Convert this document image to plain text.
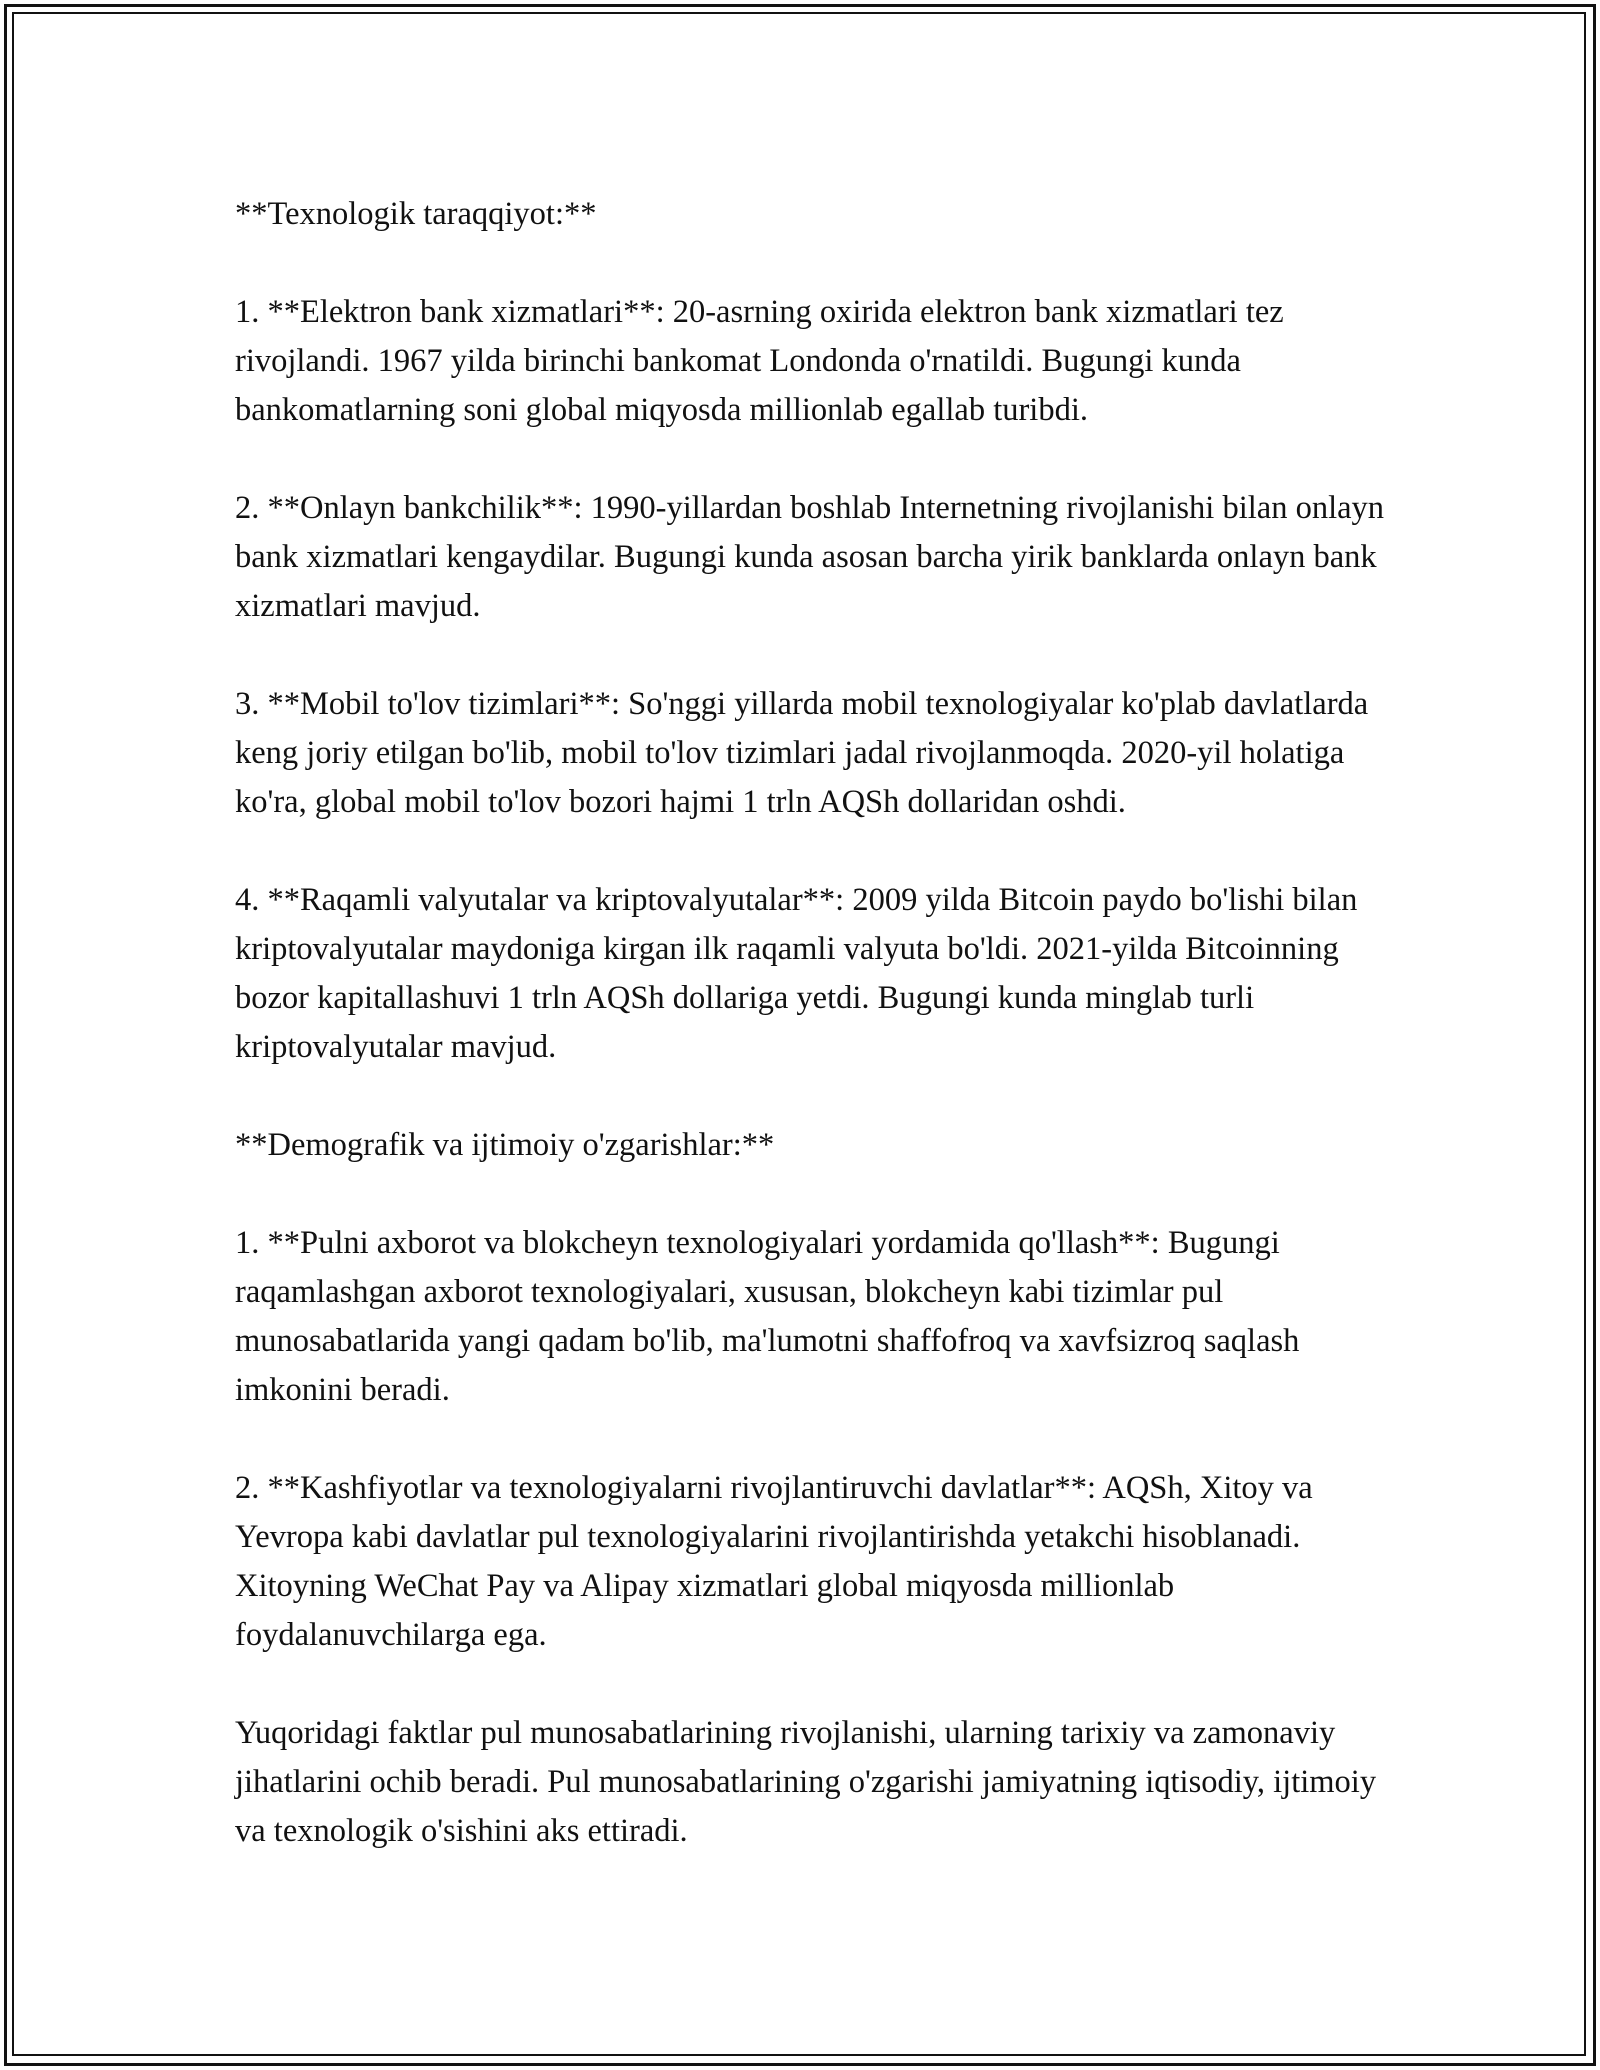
**Texnologik taraqqiyot:**

1. **Elektron bank xizmatlari**: 20-asrning oxirida elektron bank xizmatlari tez rivojlandi. 1967 yilda birinchi bankomat Londonda o'rnatildi. Bugungi kunda bankomatlarning soni global miqyosda millionlab egallab turibdi.

2. **Onlayn bankchilik**: 1990-yillardan boshlab Internetning rivojlanishi bilan onlayn bank xizmatlari kengaydilar. Bugungi kunda asosan barcha yirik banklarda onlayn bank xizmatlari mavjud.

3. **Mobil to'lov tizimlari**: So'nggi yillarda mobil texnologiyalar ko'plab davlatlarda keng joriy etilgan bo'lib, mobil to'lov tizimlari jadal rivojlanmoqda. 2020-yil holatiga ko'ra, global mobil to'lov bozori hajmi 1 trln AQSh dollaridan oshdi.

4. **Raqamli valyutalar va kriptovalyutalar**: 2009 yilda Bitcoin paydo bo'lishi bilan kriptovalyutalar maydoniga kirgan ilk raqamli valyuta bo'ldi. 2021-yilda Bitcoinning bozor kapitallashuvi 1 trln AQSh dollariga yetdi. Bugungi kunda minglab turli kriptovalyutalar mavjud.

**Demografik va ijtimoiy o'zgarishlar:**

1. **Pulni axborot va blokcheyn texnologiyalari yordamida qo'llash**: Bugungi raqamlashgan axborot texnologiyalari, xususan, blokcheyn kabi tizimlar pul munosabatlarida yangi qadam bo'lib, ma'lumotni shaffofroq va xavfsizroq saqlash imkonini beradi.

2. **Kashfiyotlar va texnologiyalarni rivojlantiruvchi davlatlar**: AQSh, Xitoy va Yevropa kabi davlatlar pul texnologiyalarini rivojlantirishda yetakchi hisoblanadi. Xitoyning WeChat Pay va Alipay xizmatlari global miqyosda millionlab foydalanuvchilarga ega.

Yuqoridagi faktlar pul munosabatlarining rivojlanishi, ularning tarixiy va zamonaviy jihatlarini ochib beradi. Pul munosabatlarining o'zgarishi jamiyatning iqtisodiy, ijtimoiy va texnologik o'sishini aks ettiradi.
